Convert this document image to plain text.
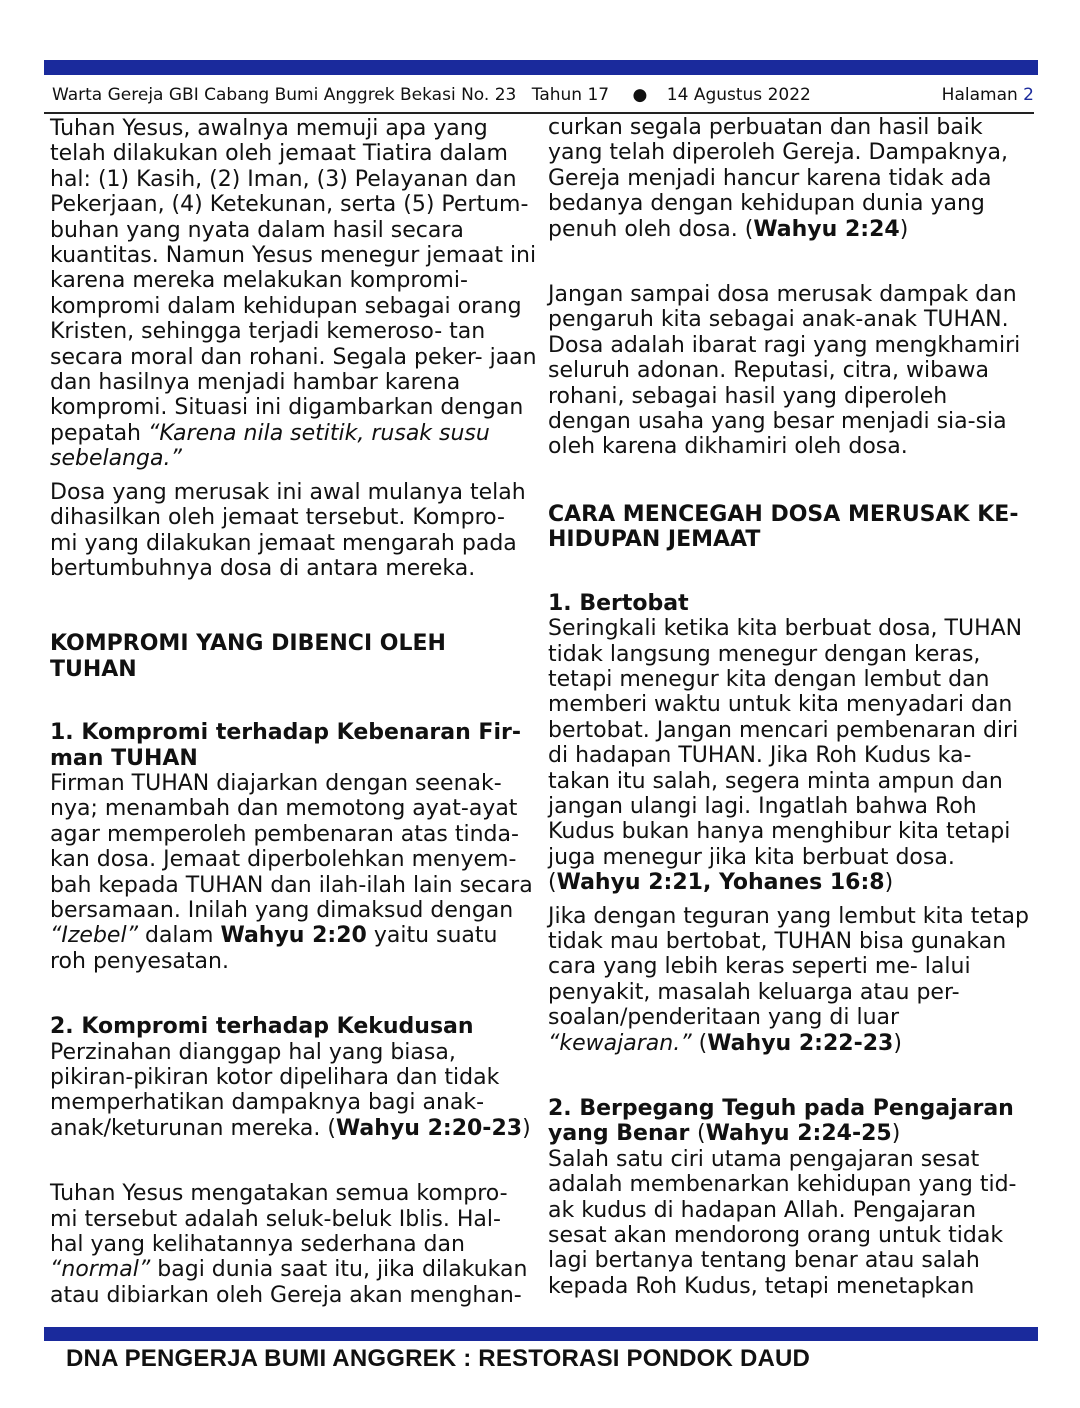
Warta Gereja GBI Cabang Bumi Anggrek Bekasi No. 23 Tahun 17 ● 14 Agustus 2022	Halaman 2

Tuhan Yesus, awalnya memuji apa yang telah dilakukan oleh jemaat Tiatira dalam hal: (1) Kasih, (2) Iman, (3) Pelayanan dan Pekerjaan, (4) Ketekunan, serta (5) Pertum- buhan yang nyata dalam hasil secara kuantitas. Namun Yesus menegur jemaat ini karena mereka melakukan kompromi- kompromi dalam kehidupan sebagai orang Kristen, sehingga terjadi kemeroso- tan secara moral dan rohani. Segala peker- jaan dan hasilnya menjadi hambar karena kompromi. Situasi ini digambarkan dengan pepatah “Karena nila setitik, rusak susu sebelanga.”

Dosa yang merusak ini awal mulanya telah dihasilkan oleh jemaat tersebut. Kompro- mi yang dilakukan jemaat mengarah pada bertumbuhnya dosa di antara mereka.

KOMPROMI YANG DIBENCI OLEH TUHAN
1. Kompromi terhadap Kebenaran Fir- man TUHAN

Firman TUHAN diajarkan dengan seenak- nya; menambah dan memotong ayat-ayat agar memperoleh pembenaran atas tinda- kan dosa. Jemaat diperbolehkan menyem- bah kepada TUHAN dan ilah-ilah lain secara bersamaan. Inilah yang dimaksud dengan “Izebel” dalam Wahyu 2:20 yaitu suatu roh penyesatan.

2. Kompromi terhadap Kekudusan

Perzinahan dianggap hal yang biasa, pikiran-pikiran kotor dipelihara dan tidak memperhatikan dampaknya bagi anak- anak/keturunan mereka. (Wahyu 2:20-23)

Tuhan Yesus mengatakan semua kompro- mi tersebut adalah seluk-beluk Iblis. Hal- hal yang kelihatannya sederhana dan “normal” bagi dunia saat itu, jika dilakukan atau dibiarkan oleh Gereja akan menghan-

curkan segala perbuatan dan hasil baik yang telah diperoleh Gereja. Dampaknya, Gereja menjadi hancur karena tidak ada bedanya dengan kehidupan dunia yang penuh oleh dosa. (Wahyu 2:24)

Jangan sampai dosa merusak dampak dan pengaruh kita sebagai anak-anak TUHAN. Dosa adalah ibarat ragi yang mengkhamiri seluruh adonan. Reputasi, citra, wibawa rohani, sebagai hasil yang diperoleh dengan usaha yang besar menjadi sia-sia oleh karena dikhamiri oleh dosa.

CARA MENCEGAH DOSA MERUSAK KE- HIDUPAN JEMAAT
1. Bertobat

Seringkali ketika kita berbuat dosa, TUHAN tidak langsung menegur dengan keras, tetapi menegur kita dengan lembut dan memberi waktu untuk kita menyadari dan bertobat. Jangan mencari pembenaran diri di hadapan TUHAN. Jika Roh Kudus ka- takan itu salah, segera minta ampun dan jangan ulangi lagi. Ingatlah bahwa Roh Kudus bukan hanya menghibur kita tetapi juga menegur jika kita berbuat dosa. (Wahyu 2:21, Yohanes 16:8)

Jika dengan teguran yang lembut kita tetap tidak mau bertobat, TUHAN bisa gunakan cara yang lebih keras seperti me- lalui penyakit, masalah keluarga atau per- soalan/penderitaan yang di luar “kewajaran.” (Wahyu 2:22-23)

2. Berpegang Teguh pada Pengajaran yang Benar (Wahyu 2:24-25)

Salah satu ciri utama pengajaran sesat adalah membenarkan kehidupan yang tid- ak kudus di hadapan Allah. Pengajaran sesat akan mendorong orang untuk tidak lagi bertanya tentang benar atau salah kepada Roh Kudus, tetapi menetapkan

DNA PENGERJA BUMI ANGGREK : RESTORASI PONDOK DAUD
